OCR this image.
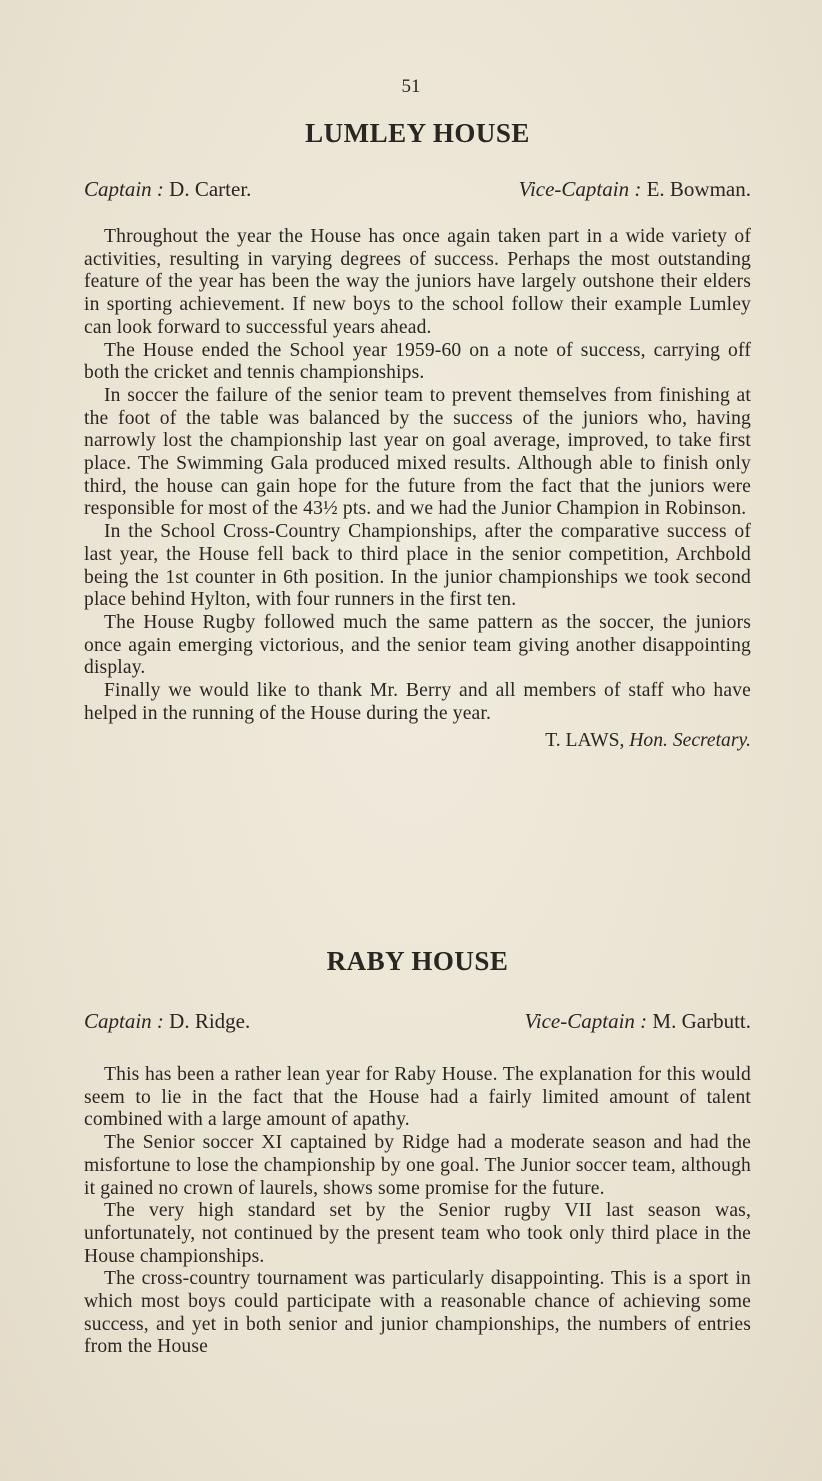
51
LUMLEY HOUSE
Captain : D. Carter.	Vice-Captain : E. Bowman.

Throughout the year the House has once again taken part in a wide variety of activities, resulting in varying degrees of success. Perhaps the most outstanding feature of the year has been the way the juniors have largely outshone their elders in sporting achievement. If new boys to the school follow their example Lumley can look forward to successful years ahead.

The House ended the School year 1959-60 on a note of success, carrying off both the cricket and tennis championships.

In soccer the failure of the senior team to prevent themselves from finishing at the foot of the table was balanced by the success of the juniors who, having narrowly lost the championship last year on goal average, improved, to take first place. The Swimming Gala produced mixed results. Although able to finish only third, the house can gain hope for the future from the fact that the juniors were responsible for most of the 43½ pts. and we had the Junior Champion in Robinson.

In the School Cross-Country Championships, after the comparative success of last year, the House fell back to third place in the senior competition, Archbold being the 1st counter in 6th position. In the junior championships we took second place behind Hylton, with four runners in the first ten.

The House Rugby followed much the same pattern as the soccer, the juniors once again emerging victorious, and the senior team giving another disappointing display.

Finally we would like to thank Mr. Berry and all members of staff who have helped in the running of the House during the year.

T. LAWS, Hon. Secretary.
RABY HOUSE
Captain : D. Ridge.	Vice-Captain : M. Garbutt.

This has been a rather lean year for Raby House. The explanation for this would seem to lie in the fact that the House had a fairly limited amount of talent combined with a large amount of apathy.

The Senior soccer XI captained by Ridge had a moderate season and had the misfortune to lose the championship by one goal. The Junior soccer team, although it gained no crown of laurels, shows some promise for the future.

The very high standard set by the Senior rugby VII last season was, unfortunately, not continued by the present team who took only third place in the House championships.

The cross-country tournament was particularly disappointing. This is a sport in which most boys could participate with a reasonable chance of achieving some success, and yet in both senior and junior championships, the numbers of entries from the House
